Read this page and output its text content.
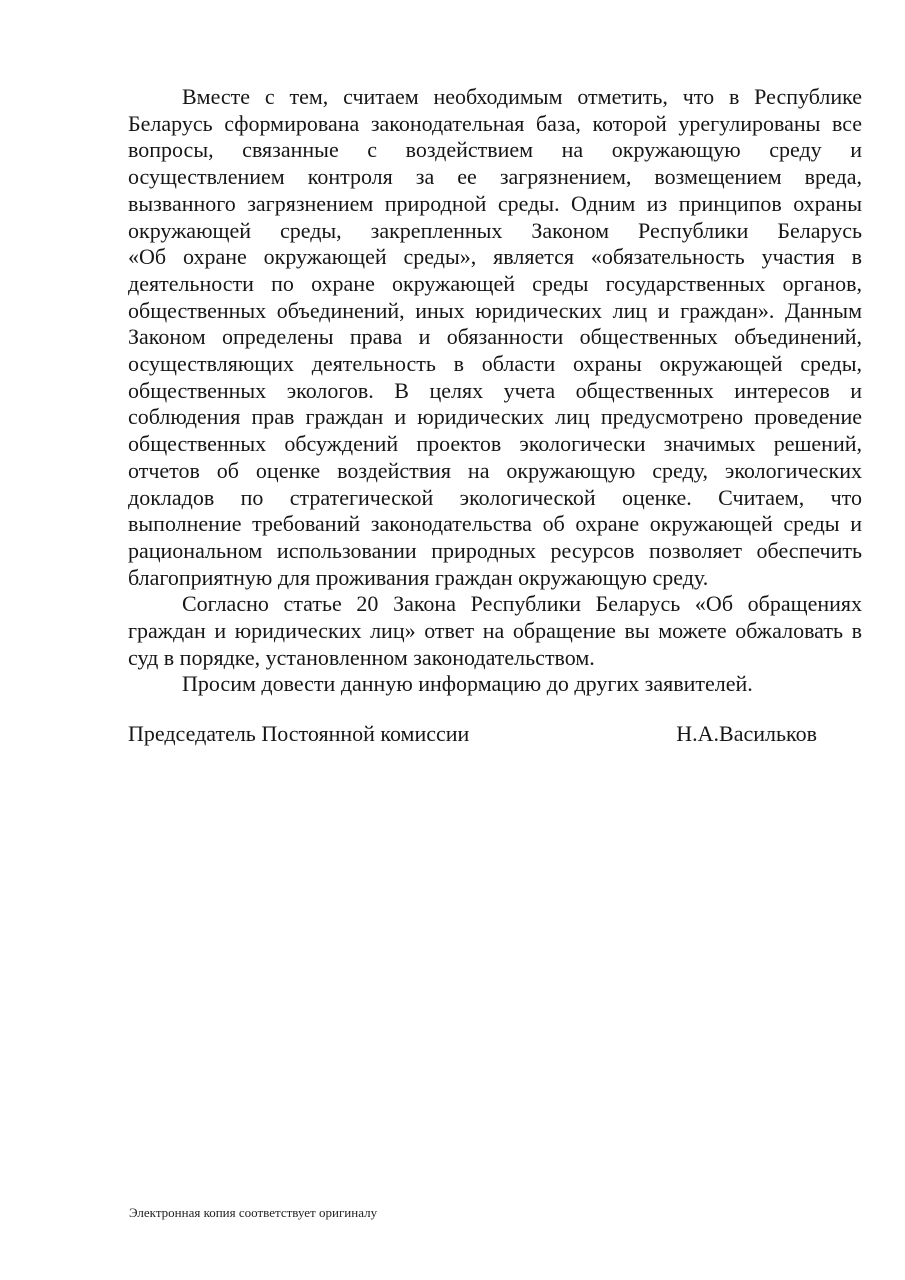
Вместе с тем, считаем необходимым отметить, что в Республике
Беларусь сформирована законодательная база, которой урегулированы все
вопросы, связанные с воздействием на окружающую среду и
осуществлением контроля за ее загрязнением, возмещением вреда,
вызванного загрязнением природной среды. Одним из принципов охраны
окружающей среды, закрепленных Законом Республики Беларусь
«Об охране окружающей среды», является «обязательность участия в
деятельности по охране окружающей среды государственных органов,
общественных объединений, иных юридических лиц и граждан». Данным
Законом определены права и обязанности общественных объединений,
осуществляющих деятельность в области охраны окружающей среды,
общественных экологов. В целях учета общественных интересов и
соблюдения прав граждан и юридических лиц предусмотрено проведение
общественных обсуждений проектов экологически значимых решений,
отчетов об оценке воздействия на окружающую среду, экологических
докладов по стратегической экологической оценке. Считаем, что
выполнение требований законодательства об охране окружающей среды и
рациональном использовании природных ресурсов позволяет обеспечить
благоприятную для проживания граждан окружающую среду.
Согласно статье 20 Закона Республики Беларусь «Об обращениях
граждан и юридических лиц» ответ на обращение вы можете обжаловать в
суд в порядке, установленном законодательством.
Просим довести данную информацию до других заявителей.
Председатель Постоянной комиссии	Н.А.Васильков
Электронная копия соответствует оригиналу
